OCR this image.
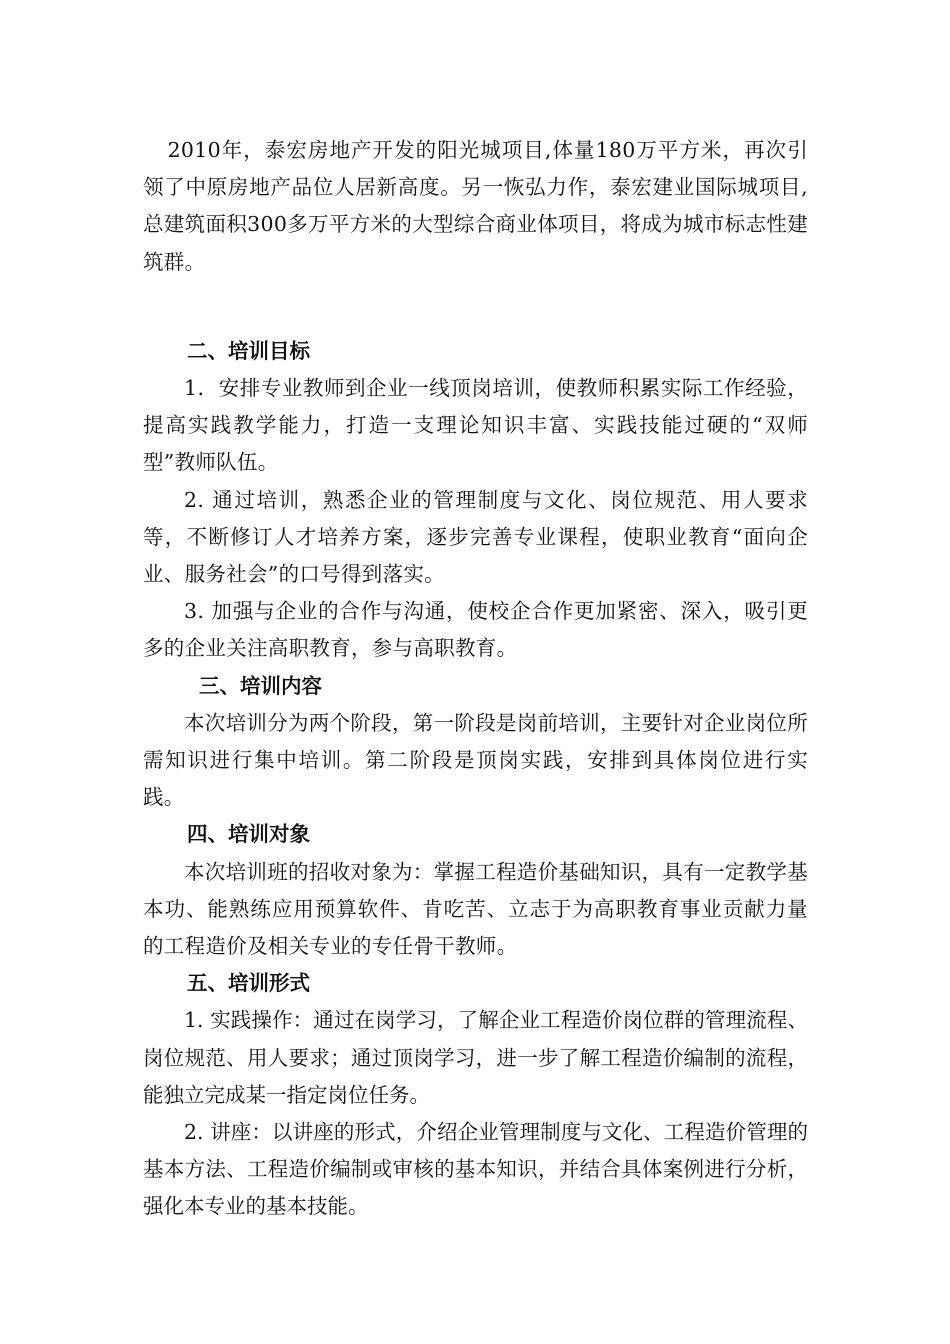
2010年，泰宏房地产开发的阳光城项目,体量180万平方米，再次引领了中原房地产品位人居新高度。另一恢弘力作，泰宏建业国际城项目,总建筑面积300多万平方米的大型综合商业体项目，将成为城市标志性建筑群。

二、培训目标

1．安排专业教师到企业一线顶岗培训，使教师积累实际工作经验，提高实践教学能力，打造一支理论知识丰富、实践技能过硬的“双师型”教师队伍。

2. 通过培训，熟悉企业的管理制度与文化、岗位规范、用人要求等，不断修订人才培养方案，逐步完善专业课程，使职业教育“面向企业、服务社会”的口号得到落实。

3. 加强与企业的合作与沟通，使校企合作更加紧密、深入，吸引更多的企业关注高职教育，参与高职教育。

三、培训内容

本次培训分为两个阶段，第一阶段是岗前培训，主要针对企业岗位所需知识进行集中培训。第二阶段是顶岗实践，安排到具体岗位进行实践。

四、培训对象

本次培训班的招收对象为：掌握工程造价基础知识，具有一定教学基本功、能熟练应用预算软件、肯吃苦、立志于为高职教育事业贡献力量的工程造价及相关专业的专任骨干教师。

五、培训形式

1. 实践操作：通过在岗学习，了解企业工程造价岗位群的管理流程、岗位规范、用人要求；通过顶岗学习，进一步了解工程造价编制的流程，能独立完成某一指定岗位任务。

2. 讲座：以讲座的形式，介绍企业管理制度与文化、工程造价管理的基本方法、工程造价编制或审核的基本知识，并结合具体案例进行分析，强化本专业的基本技能。
